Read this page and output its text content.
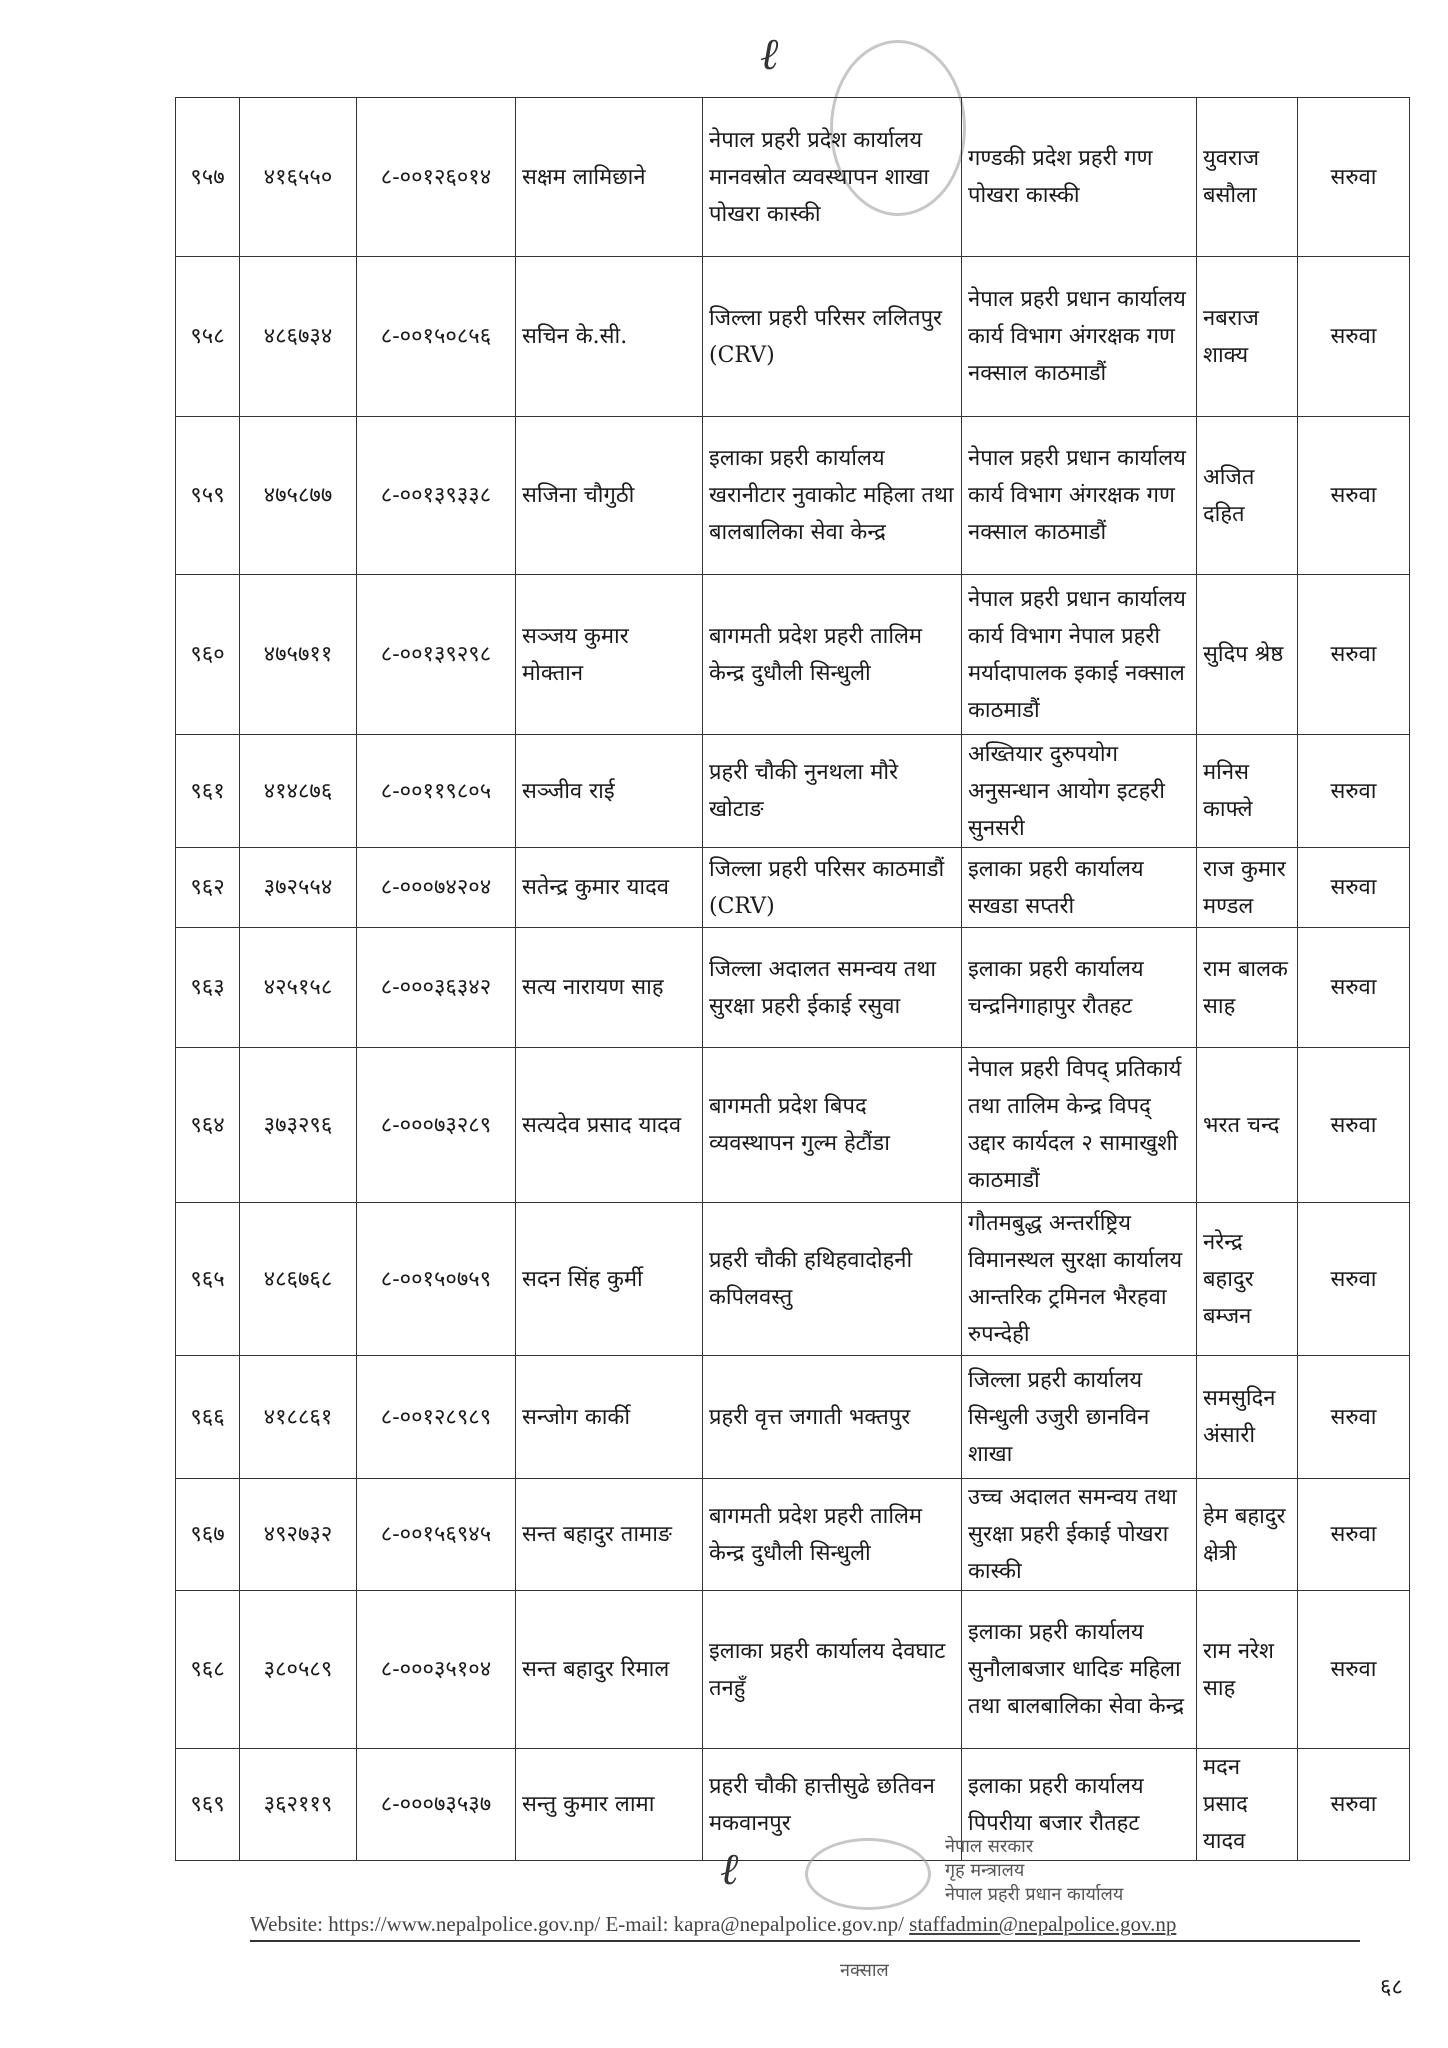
ℓ
९५७	४१६५५०	८-००१२६०१४	सक्षम लामिछाने	नेपाल प्रहरी प्रदेश कार्यालय मानवस्रोत व्यवस्थापन शाखा पोखरा कास्की	गण्डकी प्रदेश प्रहरी गण पोखरा कास्की	युवराज बसौला	सरुवा
९५८	४८६७३४	८-००१५०८५६	सचिन के.सी.	जिल्ला प्रहरी परिसर ललितपुर (CRV)	नेपाल प्रहरी प्रधान कार्यालय कार्य विभाग अंगरक्षक गण नक्साल काठमाडौं	नबराज शाक्य	सरुवा
९५९	४७५८७७	८-००१३९३३८	सजिना चौगुठी	इलाका प्रहरी कार्यालय खरानीटार नुवाकोट महिला तथा बालबालिका सेवा केन्द्र	नेपाल प्रहरी प्रधान कार्यालय कार्य विभाग अंगरक्षक गण नक्साल काठमाडौं	अजित दहित	सरुवा
९६०	४७५७११	८-००१३९२९८	सञ्जय कुमार मोक्तान	बागमती प्रदेश प्रहरी तालिम केन्द्र दुधौली सिन्धुली	नेपाल प्रहरी प्रधान कार्यालय कार्य विभाग नेपाल प्रहरी मर्यादापालक इकाई नक्साल काठमाडौं	सुदिप श्रेष्ठ	सरुवा
९६१	४१४८७६	८-००११९८०५	सञ्जीव राई	प्रहरी चौकी नुनथला मौरे खोटाङ	अख्तियार दुरुपयोग अनुसन्धान आयोग इटहरी सुनसरी	मनिस काफ्ले	सरुवा
९६२	३७२५५४	८-०००७४२०४	सतेन्द्र कुमार यादव	जिल्ला प्रहरी परिसर काठमाडौं (CRV)	इलाका प्रहरी कार्यालय सखडा सप्तरी	राज कुमार मण्डल	सरुवा
९६३	४२५१५८	८-०००३६३४२	सत्य नारायण साह	जिल्ला अदालत समन्वय तथा सुरक्षा प्रहरी ईकाई रसुवा	इलाका प्रहरी कार्यालय चन्द्रनिगाहापुर रौतहट	राम बालक साह	सरुवा
९६४	३७३२९६	८-०००७३२८९	सत्यदेव प्रसाद यादव	बागमती प्रदेश बिपद व्यवस्थापन गुल्म हेटौंडा	नेपाल प्रहरी विपद् प्रतिकार्य तथा तालिम केन्द्र विपद् उद्दार कार्यदल २ सामाखुशी काठमाडौं	भरत चन्द	सरुवा
९६५	४८६७६८	८-००१५०७५९	सदन सिंह कुर्मी	प्रहरी चौकी हथिहवादोहनी कपिलवस्तु	गौतमबुद्ध अन्तर्राष्ट्रिय विमानस्थल सुरक्षा कार्यालय आन्तरिक ट्रमिनल भैरहवा रुपन्देही	नरेन्द्र बहादुर बम्जन	सरुवा
९६६	४१८८६१	८-००१२८९८९	सन्जोग कार्की	प्रहरी वृत्त जगाती भक्तपुर	जिल्ला प्रहरी कार्यालय सिन्धुली उजुरी छानविन शाखा	समसुदिन अंसारी	सरुवा
९६७	४९२७३२	८-००१५६९४५	सन्त बहादुर तामाङ	बागमती प्रदेश प्रहरी तालिम केन्द्र दुधौली सिन्धुली	उच्च अदालत समन्वय तथा सुरक्षा प्रहरी ईकाई पोखरा कास्की	हेम बहादुर क्षेत्री	सरुवा
९६८	३८०५८९	८-०००३५१०४	सन्त बहादुर रिमाल	इलाका प्रहरी कार्यालय देवघाट तनहुँ	इलाका प्रहरी कार्यालय सुनौलाबजार धादिङ महिला तथा बालबालिका सेवा केन्द्र	राम नरेश साह	सरुवा
९६९	३६२११९	८-०००७३५३७	सन्तु कुमार लामा	प्रहरी चौकी हात्तीसुढे छतिवन मकवानपुर	इलाका प्रहरी कार्यालय पिपरीया बजार रौतहट	मदन प्रसाद यादव	सरुवा
ℓ	नेपाल सरकार
गृह मन्त्रालय
नेपाल प्रहरी प्रधान कार्यालय
नक्साल
Website: https://www.nepalpolice.gov.np/ E-mail: kapra@nepalpolice.gov.np/ staffadmin@nepalpolice.gov.np
६८
